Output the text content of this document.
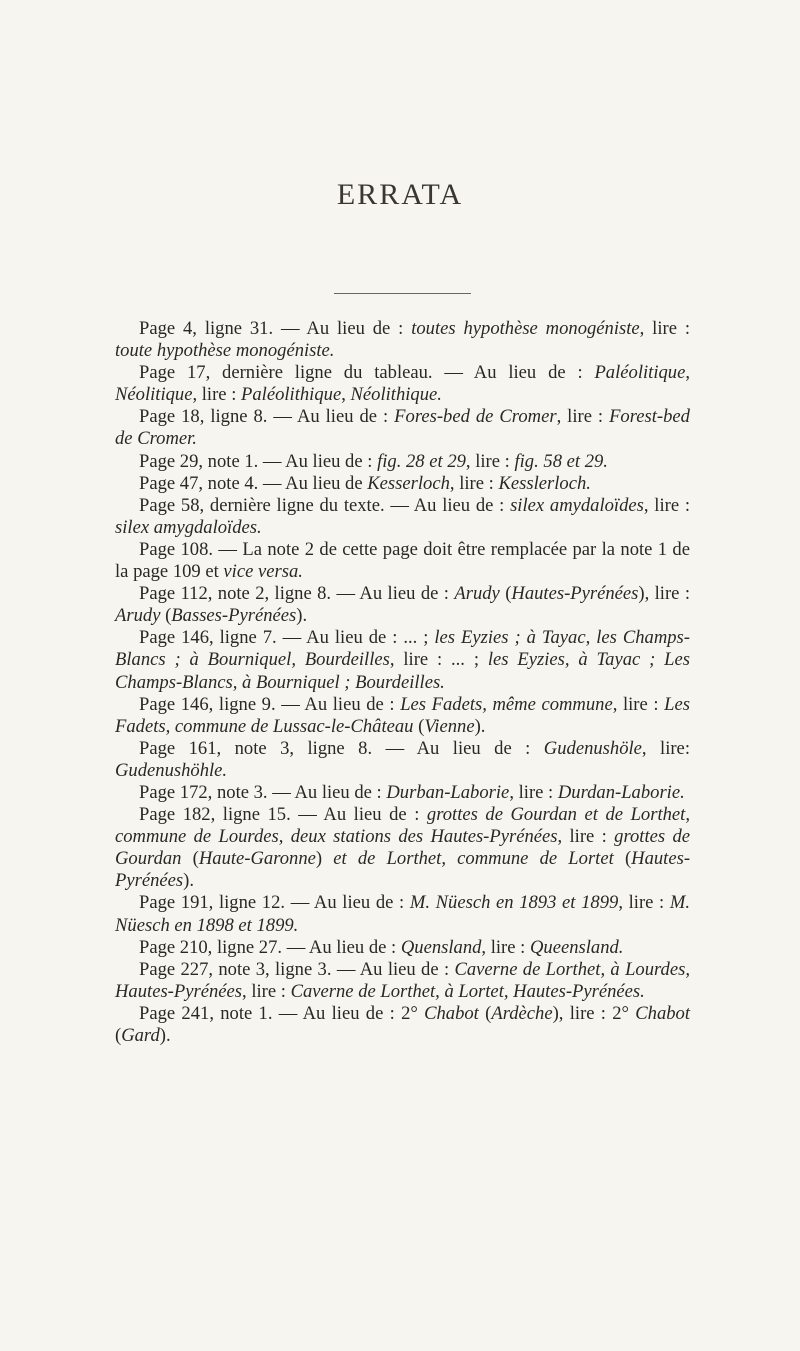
ERRATA

Page 4, ligne 31. — Au lieu de : toutes hypothèse monogéniste, lire : toute hypothèse monogéniste.

Page 17, dernière ligne du tableau. — Au lieu de : Paléolitique, Néolitique, lire : Paléolithique, Néolithique.

Page 18, ligne 8. — Au lieu de : Fores-bed de Cromer, lire : Forest-bed de Cromer.

Page 29, note 1. — Au lieu de : fig. 28 et 29, lire : fig. 58 et 29.

Page 47, note 4. — Au lieu de Kesserloch, lire : Kesslerloch.

Page 58, dernière ligne du texte. — Au lieu de : silex amydaloïdes, lire : silex amygdaloïdes.

Page 108. — La note 2 de cette page doit être remplacée par la note 1 de la page 109 et vice versa.

Page 112, note 2, ligne 8. — Au lieu de : Arudy (Hautes-Pyrénées), lire : Arudy (Basses-Pyrénées).

Page 146, ligne 7. — Au lieu de : ... ; les Eyzies ; à Tayac, les Champs-Blancs ; à Bourniquel, Bourdeilles, lire : ... ; les Eyzies, à Tayac ; Les Champs-Blancs, à Bourniquel ; Bourdeilles.

Page 146, ligne 9. — Au lieu de : Les Fadets, même commune, lire : Les Fadets, commune de Lussac-le-Château (Vienne).

Page 161, note 3, ligne 8. — Au lieu de : Gudenushöle, lire: Gudenushöhle.

Page 172, note 3. — Au lieu de : Durban-Laborie, lire : Durdan-Laborie.

Page 182, ligne 15. — Au lieu de : grottes de Gourdan et de Lorthet, commune de Lourdes, deux stations des Hautes-Pyrénées, lire : grottes de Gourdan (Haute-Garonne) et de Lorthet, commune de Lortet (Hautes-Pyrénées).

Page 191, ligne 12. — Au lieu de : M. Nüesch en 1893 et 1899, lire : M. Nüesch en 1898 et 1899.

Page 210, ligne 27. — Au lieu de : Quensland, lire : Queensland.

Page 227, note 3, ligne 3. — Au lieu de : Caverne de Lorthet, à Lourdes, Hautes-Pyrénées, lire : Caverne de Lorthet, à Lortet, Hautes-Pyrénées.

Page 241, note 1. — Au lieu de : 2° Chabot (Ardèche), lire : 2° Chabot (Gard).
